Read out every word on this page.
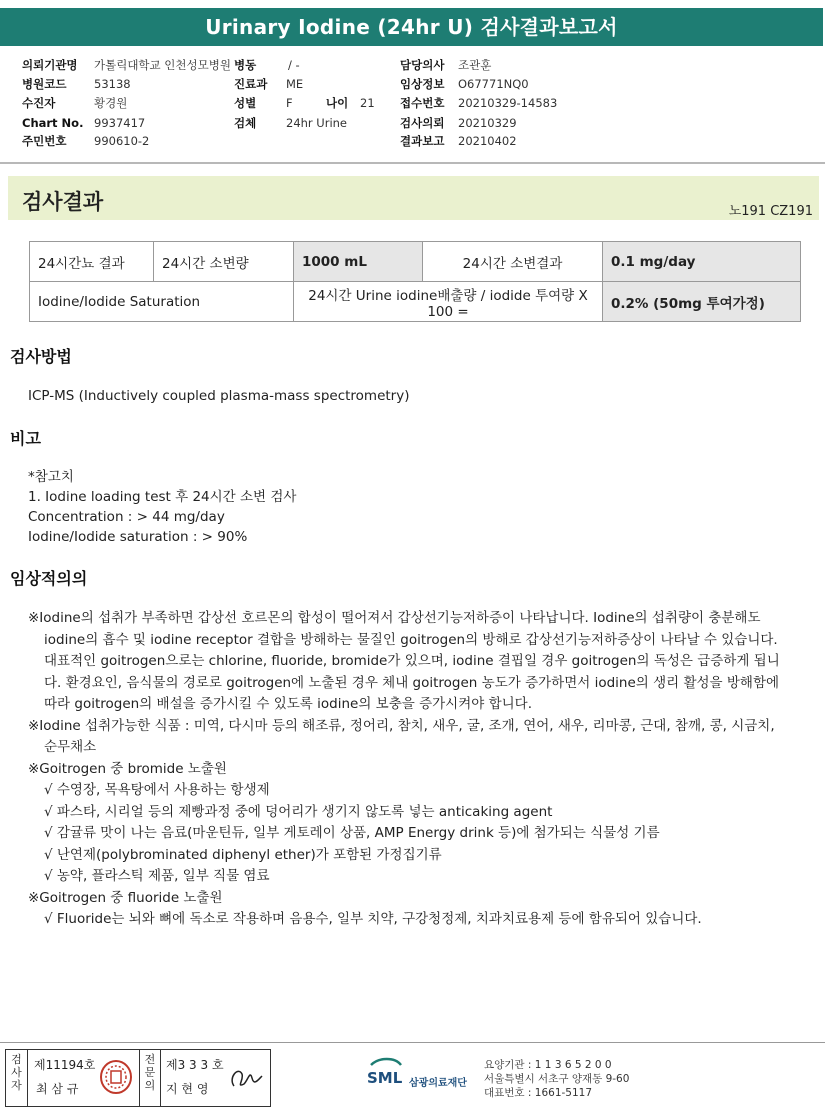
Urinary Iodine (24hr U) 검사결과보고서
의뢰기관명 가톨릭대학교 인천성모병원 병동	/ -	담당의사 조관훈
병원코드 53138	진료과 ME	임상정보 O67771NQ0
수진자	황경원	성별	F	나이 21 접수번호 20210329-14583
Chart No. 9937417	검체	24hr Urine	검사의뢰 20210329
주민번호 990610-2	결과보고 20210402
검사결과	노191 CZ191
24시간뇨 결과	24시간 소변량	1000 mL	24시간 소변결과	0.1 mg/day
Iodine/Iodide Saturation		24시간 Urine iodine배출량 / iodide 투여량 X 100 =		0.2% (50mg 투여가정)
검사방법
ICP-MS (Inductively coupled plasma-mass spectrometry)
비고
*참고치
1. Iodine loading test 후 24시간 소변 검사
Concentration : > 44 mg/day
Iodine/Iodide saturation : > 90%
임상적의의
※Iodine의 섭취가 부족하면 갑상선 호르몬의 합성이 떨어져서 갑상선기능저하증이 나타납니다. Iodine의 섭취량이 충분해도 iodine의 흡수 및 iodine receptor 결합을 방해하는 물질인 goitrogen의 방해로 갑상선기능저하증상이 나타날 수 있습니다.
대표적인 goitrogen으로는 chlorine, fluoride, bromide가 있으며, iodine 결핍일 경우 goitrogen의 독성은 급증하게 됩니다. 환경요인, 음식물의 경로로 goitrogen에 노출된 경우 체내 goitrogen 농도가 증가하면서 iodine의 생리 활성을 방해함에 따라 goitrogen의 배설을 증가시킬 수 있도록 iodine의 보충을 증가시켜야 합니다.
※Iodine 섭취가능한 식품 : 미역, 다시마 등의 해조류, 정어리, 참치, 새우, 굴, 조개, 연어, 새우, 리마콩, 근대, 참깨, 콩, 시금치, 순무채소
※Goitrogen 중 bromide 노출원
√ 수영장, 목욕탕에서 사용하는 항생제
√ 파스타, 시리얼 등의 제빵과정 중에 덩어리가 생기지 않도록 넣는 anticaking agent
√ 감귤류 맛이 나는 음료(마운틴듀, 일부 게토레이 상품, AMP Energy drink 등)에 첨가되는 식물성 기름
√ 난연제(polybrominated diphenyl ether)가 포함된 가정집기류
√ 농약, 플라스틱 제품, 일부 직물 염료
※Goitrogen 중 fluoride 노출원
√ Fluoride는 뇌와 뼈에 독소로 작용하며 음용수, 일부 치약, 구강청정제, 치과치료용제 등에 함유되어 있습니다.
검사자
제11194호
최 삼 규
전문의
제3 3 3 호
지 현 영
SML 삼광의료재단
요양기관 : 1 1 3 6 5 2 0 0
서울특별시 서초구 양재동 9-60
대표번호 : 1661-5117
